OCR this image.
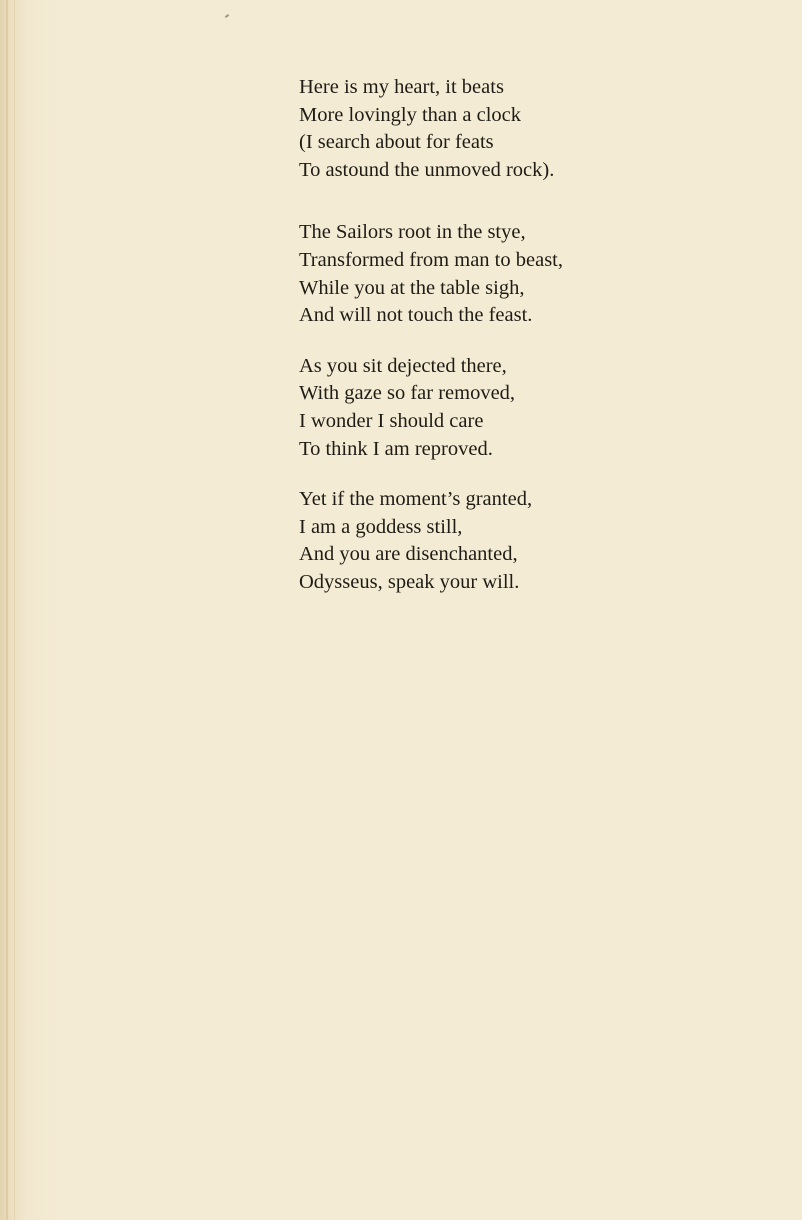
Here is my heart, it beats
More lovingly than a clock
(I search about for feats
To astound the unmoved rock).

The Sailors root in the stye,
Transformed from man to beast,
While you at the table sigh,
And will not touch the feast.

As you sit dejected there,
With gaze so far removed,
I wonder I should care
To think I am reproved.

Yet if the moment’s granted,
I am a goddess still,
And you are disenchanted,
Odysseus, speak your will.
